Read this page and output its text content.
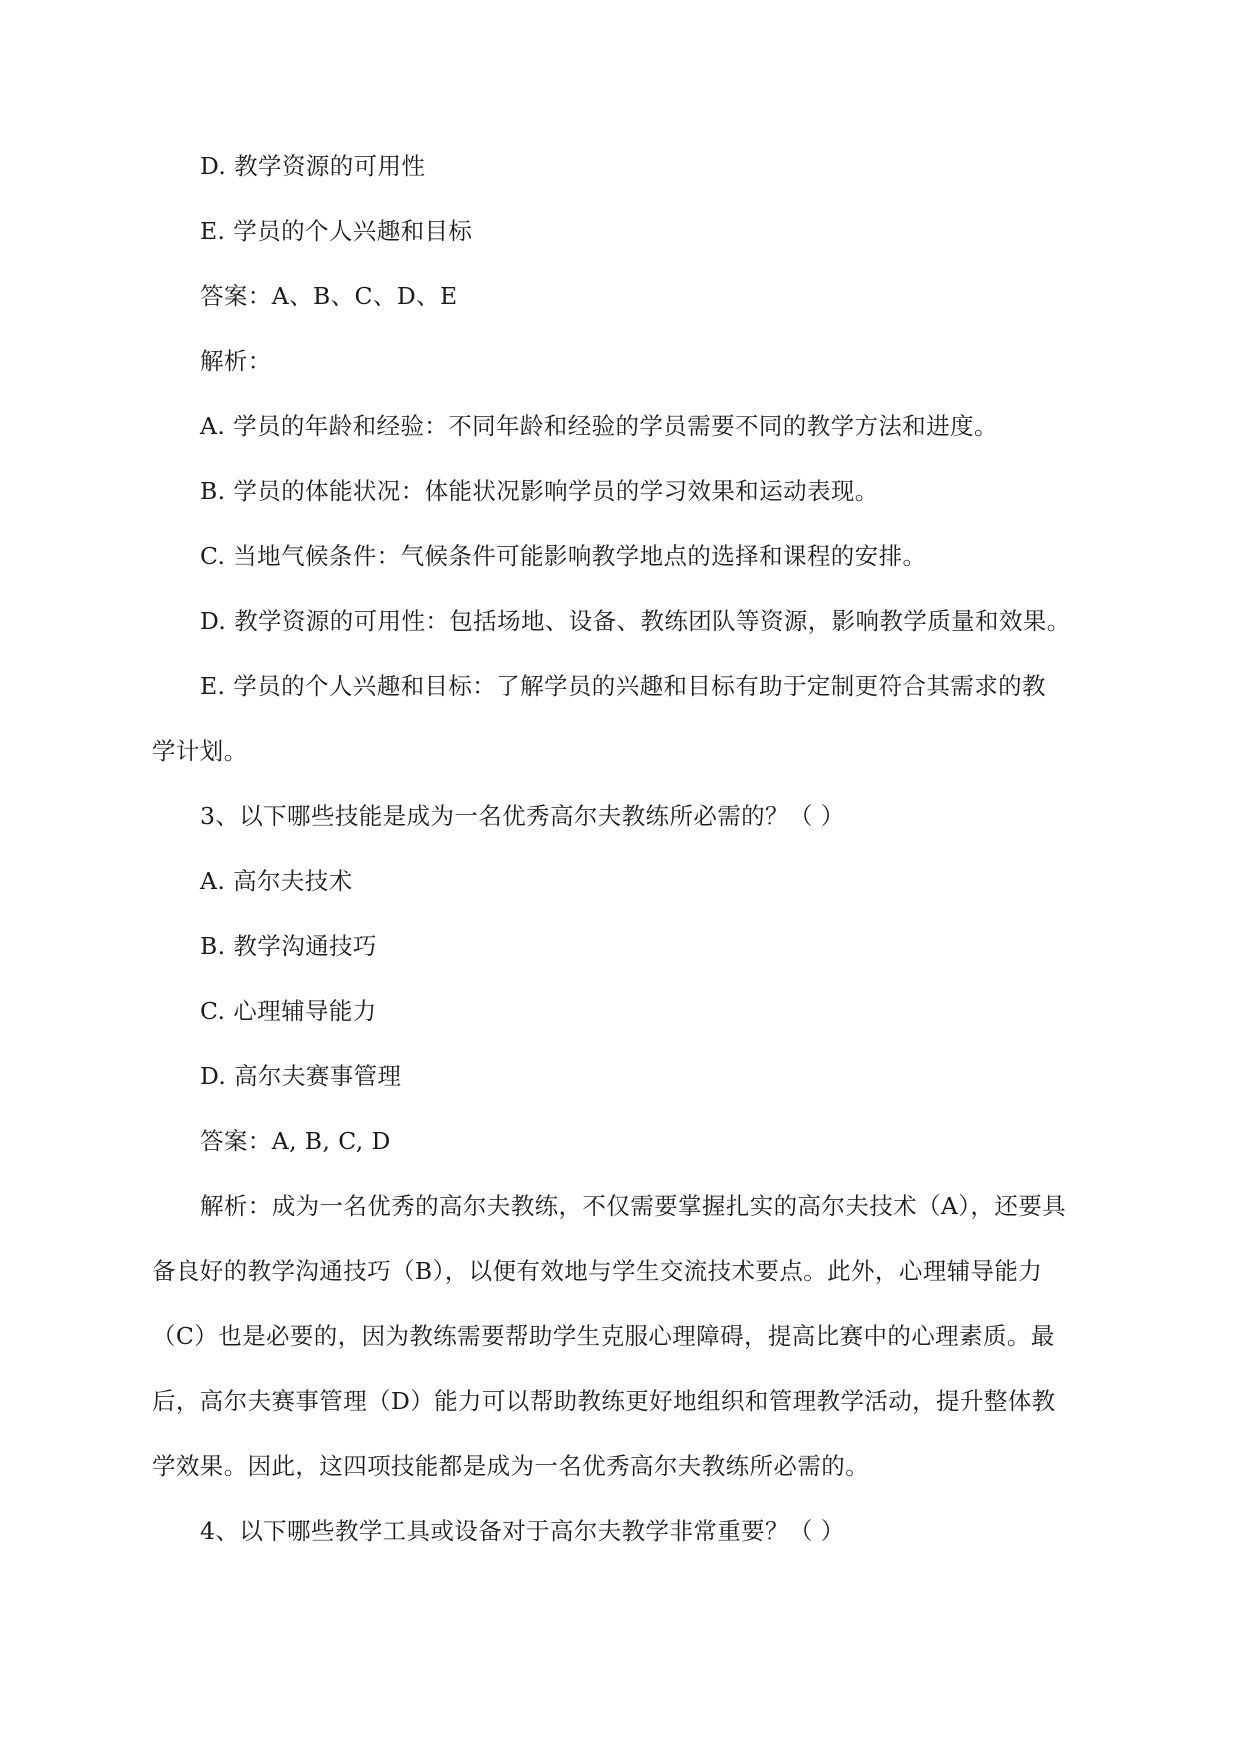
D. 教学资源的可用性
E. 学员的个人兴趣和目标
答案：A、B、C、D、E
解析：
A. 学员的年龄和经验：不同年龄和经验的学员需要不同的教学方法和进度。
B. 学员的体能状况：体能状况影响学员的学习效果和运动表现。
C. 当地气候条件：气候条件可能影响教学地点的选择和课程的安排。
D. 教学资源的可用性：包括场地、设备、教练团队等资源，影响教学质量和效果。
E. 学员的个人兴趣和目标：了解学员的兴趣和目标有助于定制更符合其需求的教
学计划。
3、以下哪些技能是成为一名优秀高尔夫教练所必需的？（ ）
A. 高尔夫技术
B. 教学沟通技巧
C. 心理辅导能力
D. 高尔夫赛事管理
答案：A, B, C, D
解析：成为一名优秀的高尔夫教练，不仅需要掌握扎实的高尔夫技术（A），还要具
备良好的教学沟通技巧（B），以便有效地与学生交流技术要点。此外，心理辅导能力
（C）也是必要的，因为教练需要帮助学生克服心理障碍，提高比赛中的心理素质。最
后，高尔夫赛事管理（D）能力可以帮助教练更好地组织和管理教学活动，提升整体教
学效果。因此，这四项技能都是成为一名优秀高尔夫教练所必需的。
4、以下哪些教学工具或设备对于高尔夫教学非常重要？（ ）
